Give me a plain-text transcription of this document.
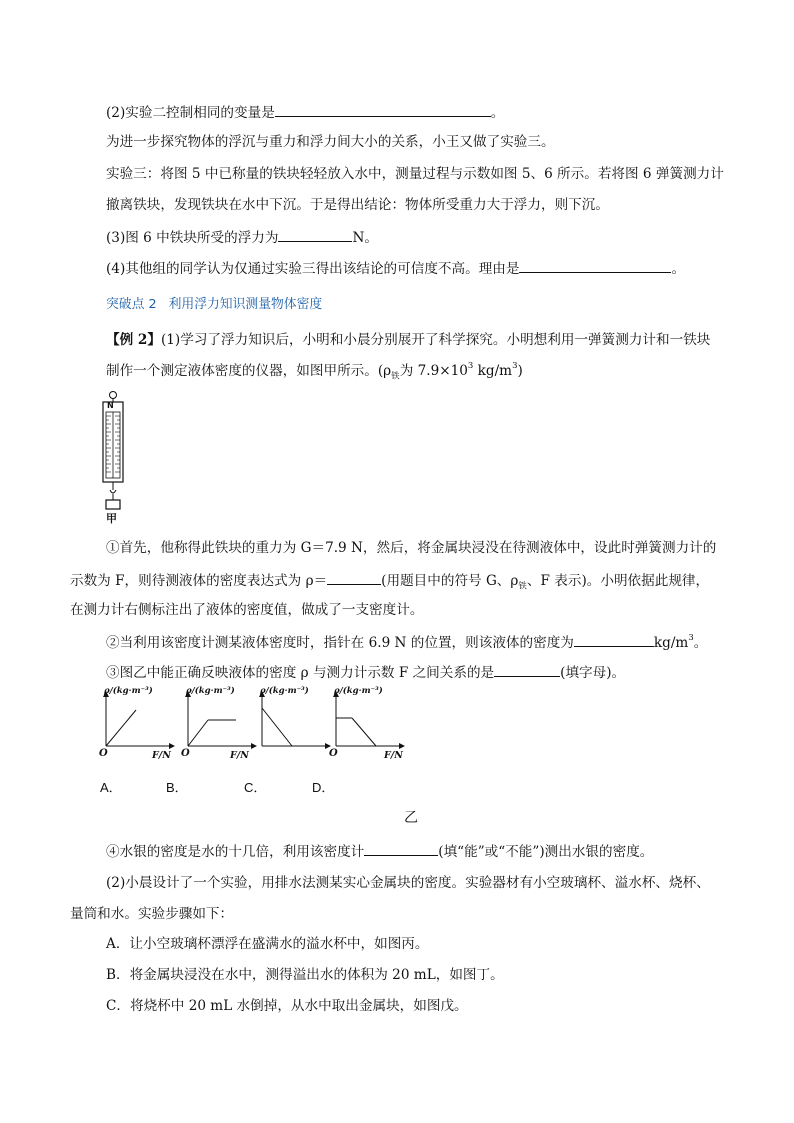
(2)实验二控制相同的变量是	。
为进一步探究物体的浮沉与重力和浮力间大小的关系，小王又做了实验三。
实验三：将图 5 中已称量的铁块轻轻放入水中，测量过程与示数如图 5、6 所示。若将图 6 弹簧测力计
撤离铁块，发现铁块在水中下沉。于是得出结论：物体所受重力大于浮力，则下沉。
(3)图 6 中铁块所受的浮力为	N。
(4)其他组的同学认为仅通过实验三得出该结论的可信度不高。理由是	。
突破点 2 利用浮力知识测量物体密度
【例 2】(1)学习了浮力知识后，小明和小晨分别展开了科学探究。小明想利用一弹簧测力计和一铁块
制作一个测定液体密度的仪器，如图甲所示。($\rho_铁$为 $7.9\times 10^3$ $kg/m^3$)
N
甲
①首先，他称得此铁块的重力为 G＝7.9 N，然后，将金属块浸没在待测液体中，设此时弹簧测力计的
示数为 F，则待测液体的密度表达式为 ρ＝	(用题目中的符号 G、$\rho_铁$、F 表示)。小明依据此规律，
在测力计右侧标注出了液体的密度值，做成了一支密度计。
②当利用该密度计测某液体密度时，指针在 6.9 N 的位置，则该液体的密度为	$kg/m^3$。
③图乙中能正确反映液体的密度 ρ 与测力计示数 F 之间关系的是	(填字母)。
ρ/(kg·m⁻³)	ρ/(kg·m⁻³)	ρ/(kg·m⁻³)	ρ/(kg·m⁻³)
O	O	O
F/N	F/N	F/N
A．	B．	C．	D．
乙
④水银的密度是水的十几倍，利用该密度计	(填“能”或“不能”)测出水银的密度。
(2)小晨设计了一个实验，用排水法测某实心金属块的密度。实验器材有小空玻璃杯、溢水杯、烧杯、
量筒和水。实验步骤如下：
A．让小空玻璃杯漂浮在盛满水的溢水杯中，如图丙。
B．将金属块浸没在水中，测得溢出水的体积为 20 mL，如图丁。
C．将烧杯中 20 mL 水倒掉，从水中取出金属块，如图戊。
